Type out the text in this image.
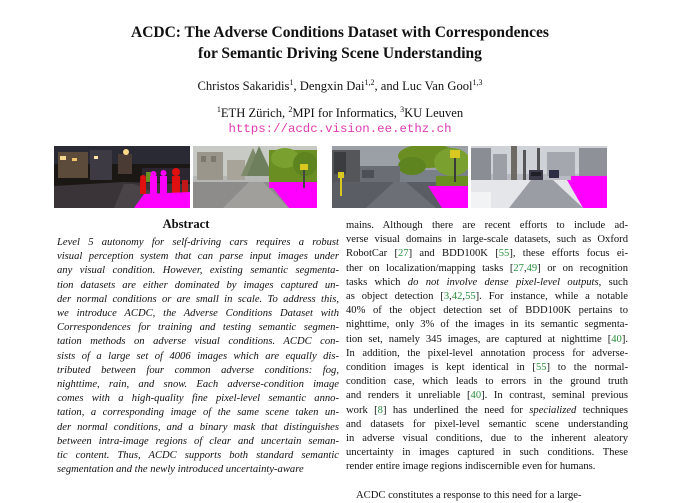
ACDC: The Adverse Conditions Dataset with Correspondences
for Semantic Driving Scene Understanding
Christos Sakaridis$^1$, Dengxin Dai$^{1,2}$, and Luc Van Gool$^{1,3}$
$^1$ETH Zürich, $^2$MPI for Informatics, $^3$KU Leuven
https://acdc.vision.ee.ethz.ch
Abstract
Level 5 autonomy for self-driving cars requires a robust
visual perception system that can parse input images under
any visual condition. However, existing semantic segmenta-
tion datasets are either dominated by images captured un-
der normal conditions or are small in scale. To address this,
we introduce ACDC, the Adverse Conditions Dataset with
Correspondences for training and testing semantic segmen-
tation methods on adverse visual conditions. ACDC con-
sists of a large set of 4006 images which are equally dis-
tributed between four common adverse conditions: fog,
nighttime, rain, and snow. Each adverse-condition image
comes with a high-quality fine pixel-level semantic anno-
tation, a corresponding image of the same scene taken un-
der normal conditions, and a binary mask that distinguishes
between intra-image regions of clear and uncertain seman-
tic content. Thus, ACDC supports both standard semantic
segmentation and the newly introduced uncertainty-aware
mains. Although there are recent efforts to include ad-
verse visual domains in large-scale datasets, such as Oxford
RobotCar [27] and BDD100K [55], these efforts focus ei-
ther on localization/mapping tasks [27,49] or on recognition
tasks which do not involve dense pixel-level outputs, such
as object detection [3,42,55]. For instance, while a notable
40% of the object detection set of BDD100K pertains to
nighttime, only 3% of the images in its semantic segmenta-
tion set, namely 345 images, are captured at nighttime [40].
In addition, the pixel-level annotation process for adverse-
condition images is kept identical in [55] to the normal-
condition case, which leads to errors in the ground truth
and renders it unreliable [40]. In contrast, seminal previous
work [8] has underlined the need for specialized techniques
and datasets for pixel-level semantic scene understanding
in adverse visual conditions, due to the inherent aleatory
uncertainty in images captured in such conditions. These
render entire image regions indiscernible even for humans.

ACDC constitutes a response to this need for a large-
